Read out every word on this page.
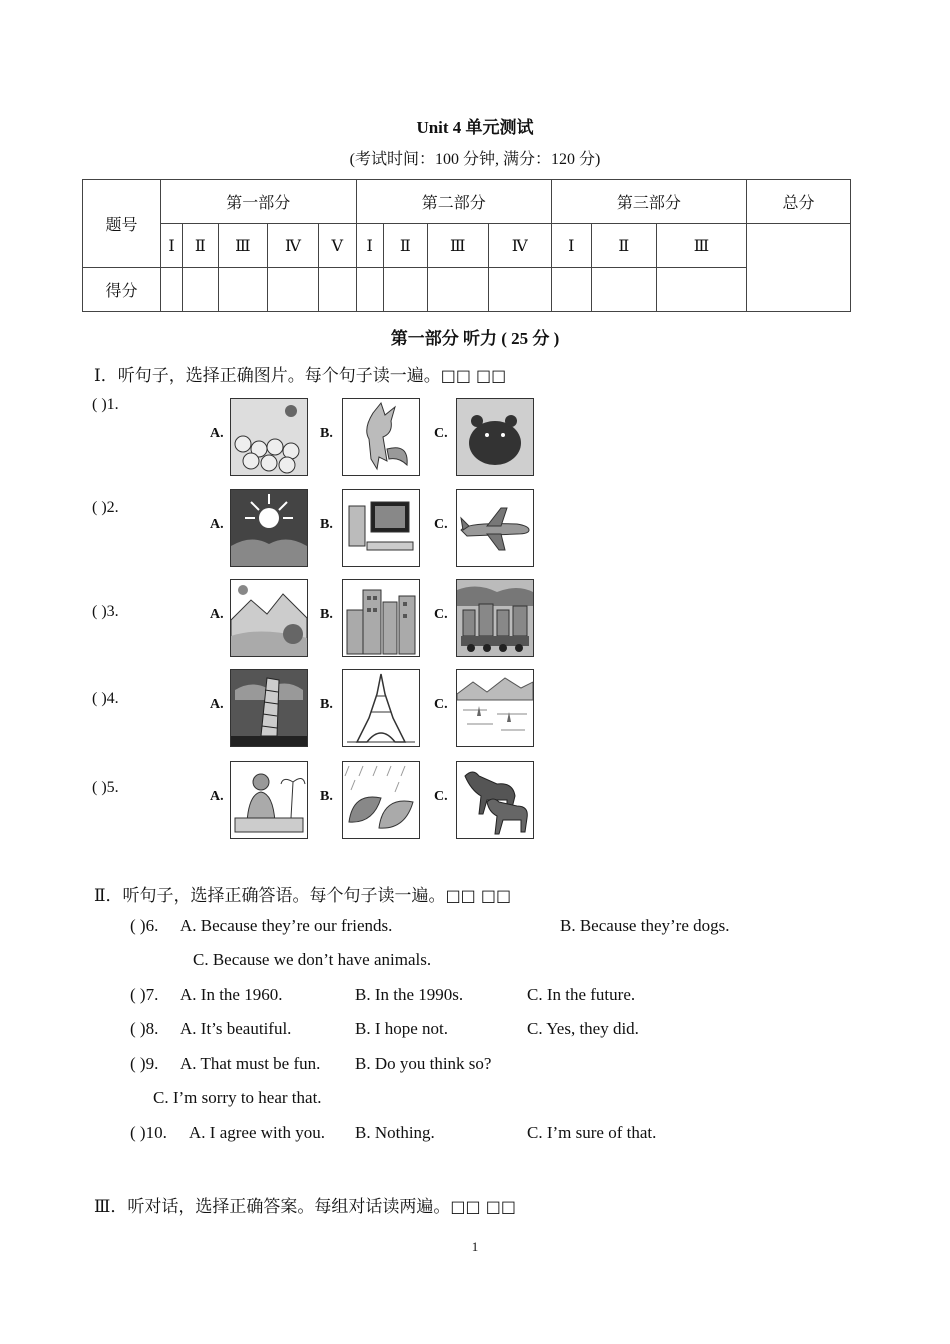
Unit 4 单元测试
(考试时间：100 分钟, 满分：120 分)
题号	第一部分					第二部分				第三部分			总分
	Ⅰ	Ⅱ	Ⅲ	Ⅳ	Ⅴ	Ⅰ	Ⅱ	Ⅲ	Ⅳ	Ⅰ	Ⅱ	Ⅲ	
得分													
第一部分 听力 ( 25 分 )
Ⅰ．听句子，选择正确图片。每个句子读一遍。□□ □□
( )1.
A.	B.	C.
( )2.
A.	B.	C.
( )3.	A.	B.	C.
( )4.	A.	B.	C.
( )5.
A.	B.	C.
Ⅱ．听句子，选择正确答语。每个句子读一遍。□□ □□
( )6. A. Because they’re our friends.	B. Because they’re dogs.
C. Because we don’t have animals.
( )7. A. In the 1960.	B. In the 1990s.	C. In the future.
( )8. A. It’s beautiful.	B. I hope not.	C. Yes, they did.
( )9. A. That must be fun. B. Do you think so?
C. I’m sorry to hear that.
( )10. A. I agree with you. B. Nothing.	C. I’m sure of that.
Ⅲ．听对话，选择正确答案。每组对话读两遍。□□ □□
1
